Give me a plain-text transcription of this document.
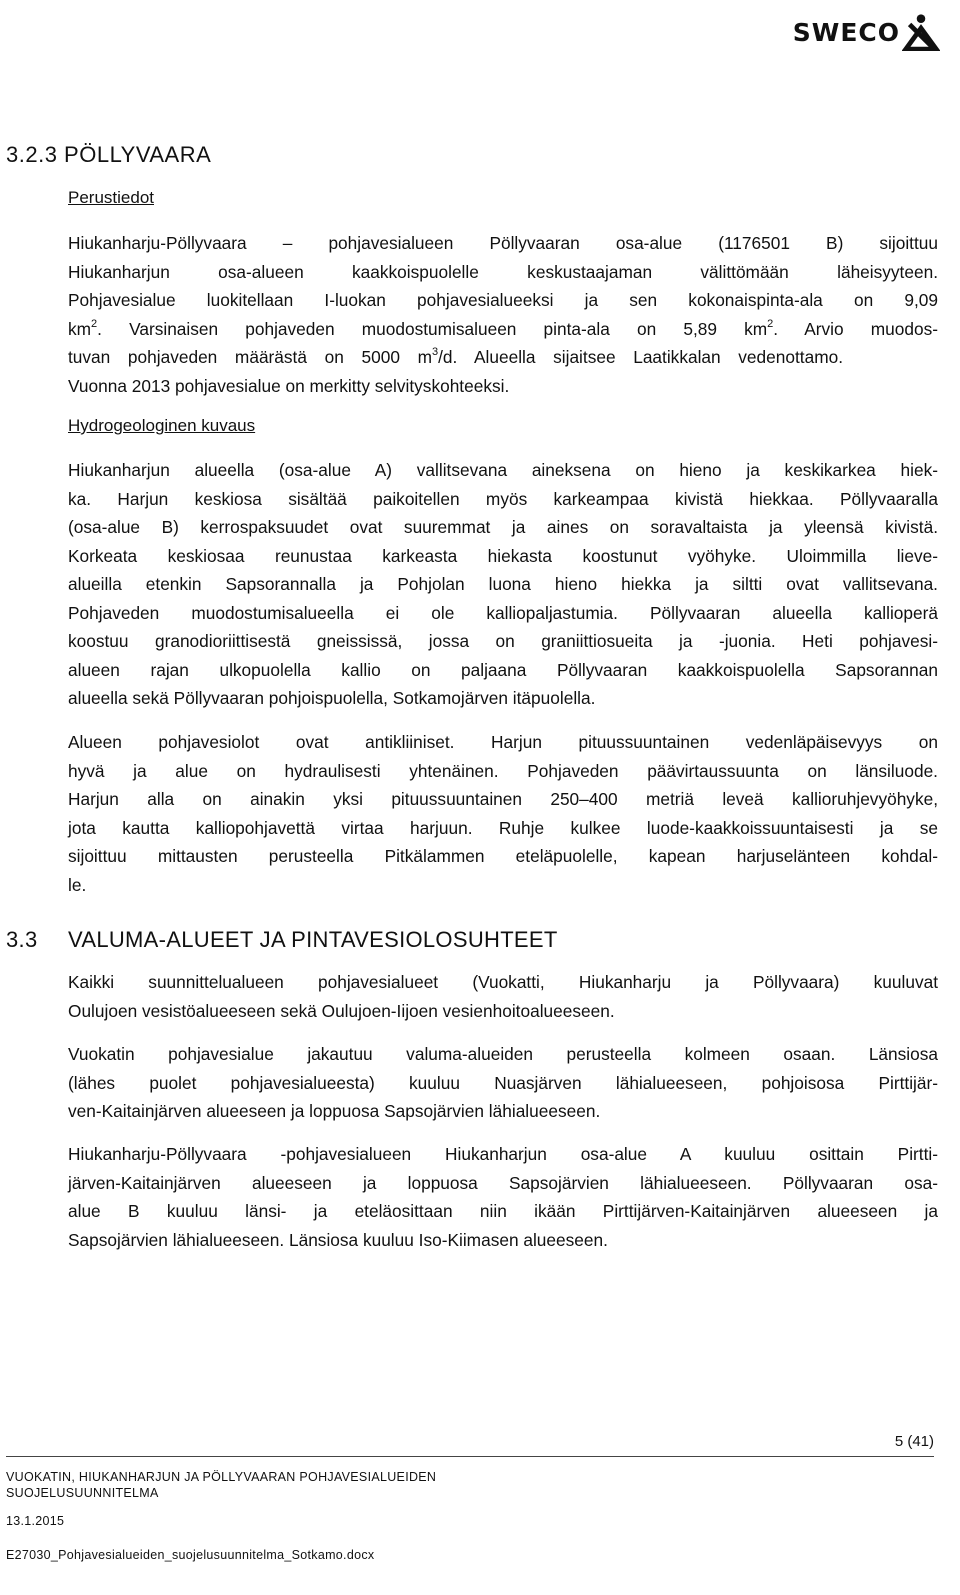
SWECO
3.2.3 PÖLLYVAARA
Perustiedot

Hiukanharju-Pöllyvaara – pohjavesialueen Pöllyvaaran osa-alue (1176501 B) sijoittuu
Hiukanharjun osa-alueen kaakkoispuolelle keskustaajaman välittömään läheisyyteen.
Pohjavesialue luokitellaan I-luokan pohjavesialueeksi ja sen kokonaispinta-ala on 9,09
$km^2$. Varsinaisen pohjaveden muodostumisalueen pinta-ala on 5,89 $km^2$. Arvio muodos-
tuvan pohjaveden määrästä on 5000 $m^3/d$. Alueella sijaitsee Laatikkalan vedenottamo.
Vuonna 2013 pohjavesialue on merkitty selvityskohteeksi.

Hydrogeologinen kuvaus

Hiukanharjun alueella (osa-alue A) vallitsevana aineksena on hieno ja keskikarkea hiek-
ka. Harjun keskiosa sisältää paikoitellen myös karkeampaa kivistä hiekkaa. Pöllyvaaralla
(osa-alue B) kerrospaksuudet ovat suuremmat ja aines on soravaltaista ja yleensä kivistä.
Korkeata keskiosaa reunustaa karkeasta hiekasta koostunut vyöhyke. Uloimmilla lieve-
alueilla etenkin Sapsorannalla ja Pohjolan luona hieno hiekka ja siltti ovat vallitsevana.
Pohjaveden muodostumisalueella ei ole kalliopaljastumia. Pöllyvaaran alueella kallioperä
koostuu granodioriittisestä gneississä, jossa on graniittiosueita ja -juonia. Heti pohjavesi-
alueen rajan ulkopuolella kallio on paljaana Pöllyvaaran kaakkoispuolella Sapsorannan
alueella sekä Pöllyvaaran pohjoispuolella, Sotkamojärven itäpuolella.

Alueen pohjavesiolot ovat antikliiniset. Harjun pituussuuntainen vedenläpäisevyys on
hyvä ja alue on hydraulisesti yhtenäinen. Pohjaveden päävirtaussuunta on länsiluode.
Harjun alla on ainakin yksi pituussuuntainen 250–400 metriä leveä kallioruhjevyöhyke,
jota kautta kalliopohjavettä virtaa harjuun. Ruhje kulkee luode-kaakkoissuuntaisesti ja se
sijoittuu mittausten perusteella Pitkälammen eteläpuolelle, kapean harjuselänteen kohdal-
le.

3.3 VALUMA-ALUEET JA PINTAVESIOLOSUHTEET

Kaikki suunnittelualueen pohjavesialueet (Vuokatti, Hiukanharju ja Pöllyvaara) kuuluvat
Oulujoen vesistöalueeseen sekä Oulujoen-Iijoen vesienhoitoalueeseen.

Vuokatin pohjavesialue jakautuu valuma-alueiden perusteella kolmeen osaan. Länsiosa
(lähes puolet pohjavesialueesta) kuuluu Nuasjärven lähialueeseen, pohjoisosa Pirttijär-
ven-Kaitainjärven alueeseen ja loppuosa Sapsojärvien lähialueeseen.

Hiukanharju-Pöllyvaara -pohjavesialueen Hiukanharjun osa-alue A kuuluu osittain Pirtti-
järven-Kaitainjärven alueeseen ja loppuosa Sapsojärvien lähialueeseen. Pöllyvaaran osa-
alue B kuuluu länsi- ja eteläosittaan niin ikään Pirttijärven-Kaitainjärven alueeseen ja
Sapsojärvien lähialueeseen. Länsiosa kuuluu Iso-Kiimasen alueeseen.

5 (41)
VUOKATIN, HIUKANHARJUN JA PÖLLYVAARAN POHJAVESIALUEIDEN
SUOJELUSUUNNITELMA
13.1.2015
E27030_Pohjavesialueiden_suojelusuunnitelma_Sotkamo.docx
